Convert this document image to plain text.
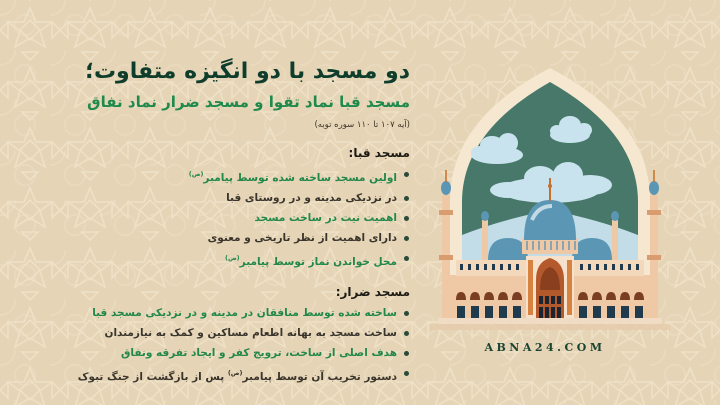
دو مسجد با دو انگیزه متفاوت؛
مسجد قبا نماد تقوا و مسجد ضرار نماد نفاق
(آیه ۱۰۷ تا ۱۱۰ سوره توبه)
مسجد قبا:
اولین مسجد ساخته شده توسط پیامبر$^{(ص)}$
در نزدیکی مدینه و در روستای قبا
اهمیت نیت در ساخت مسجد
دارای اهمیت از نظر تاریخی و معنوی
محل خواندن نماز توسط پیامبر$^{(ص)}$
مسجد ضرار:
ساخته شده توسط منافقان در مدینه و در نزدیکی مسجد قبا
ساخت مسجد به بهانه اطعام مساکین و کمک به نیازمندان
هدف اصلی از ساخت، ترویج کفر و ایجاد تفرقه ونفاق
دستور تخریب آن توسط پیامبر$^{(ص)}$ پس از بازگشت از جنگ تبوک
ABNA24.COM
